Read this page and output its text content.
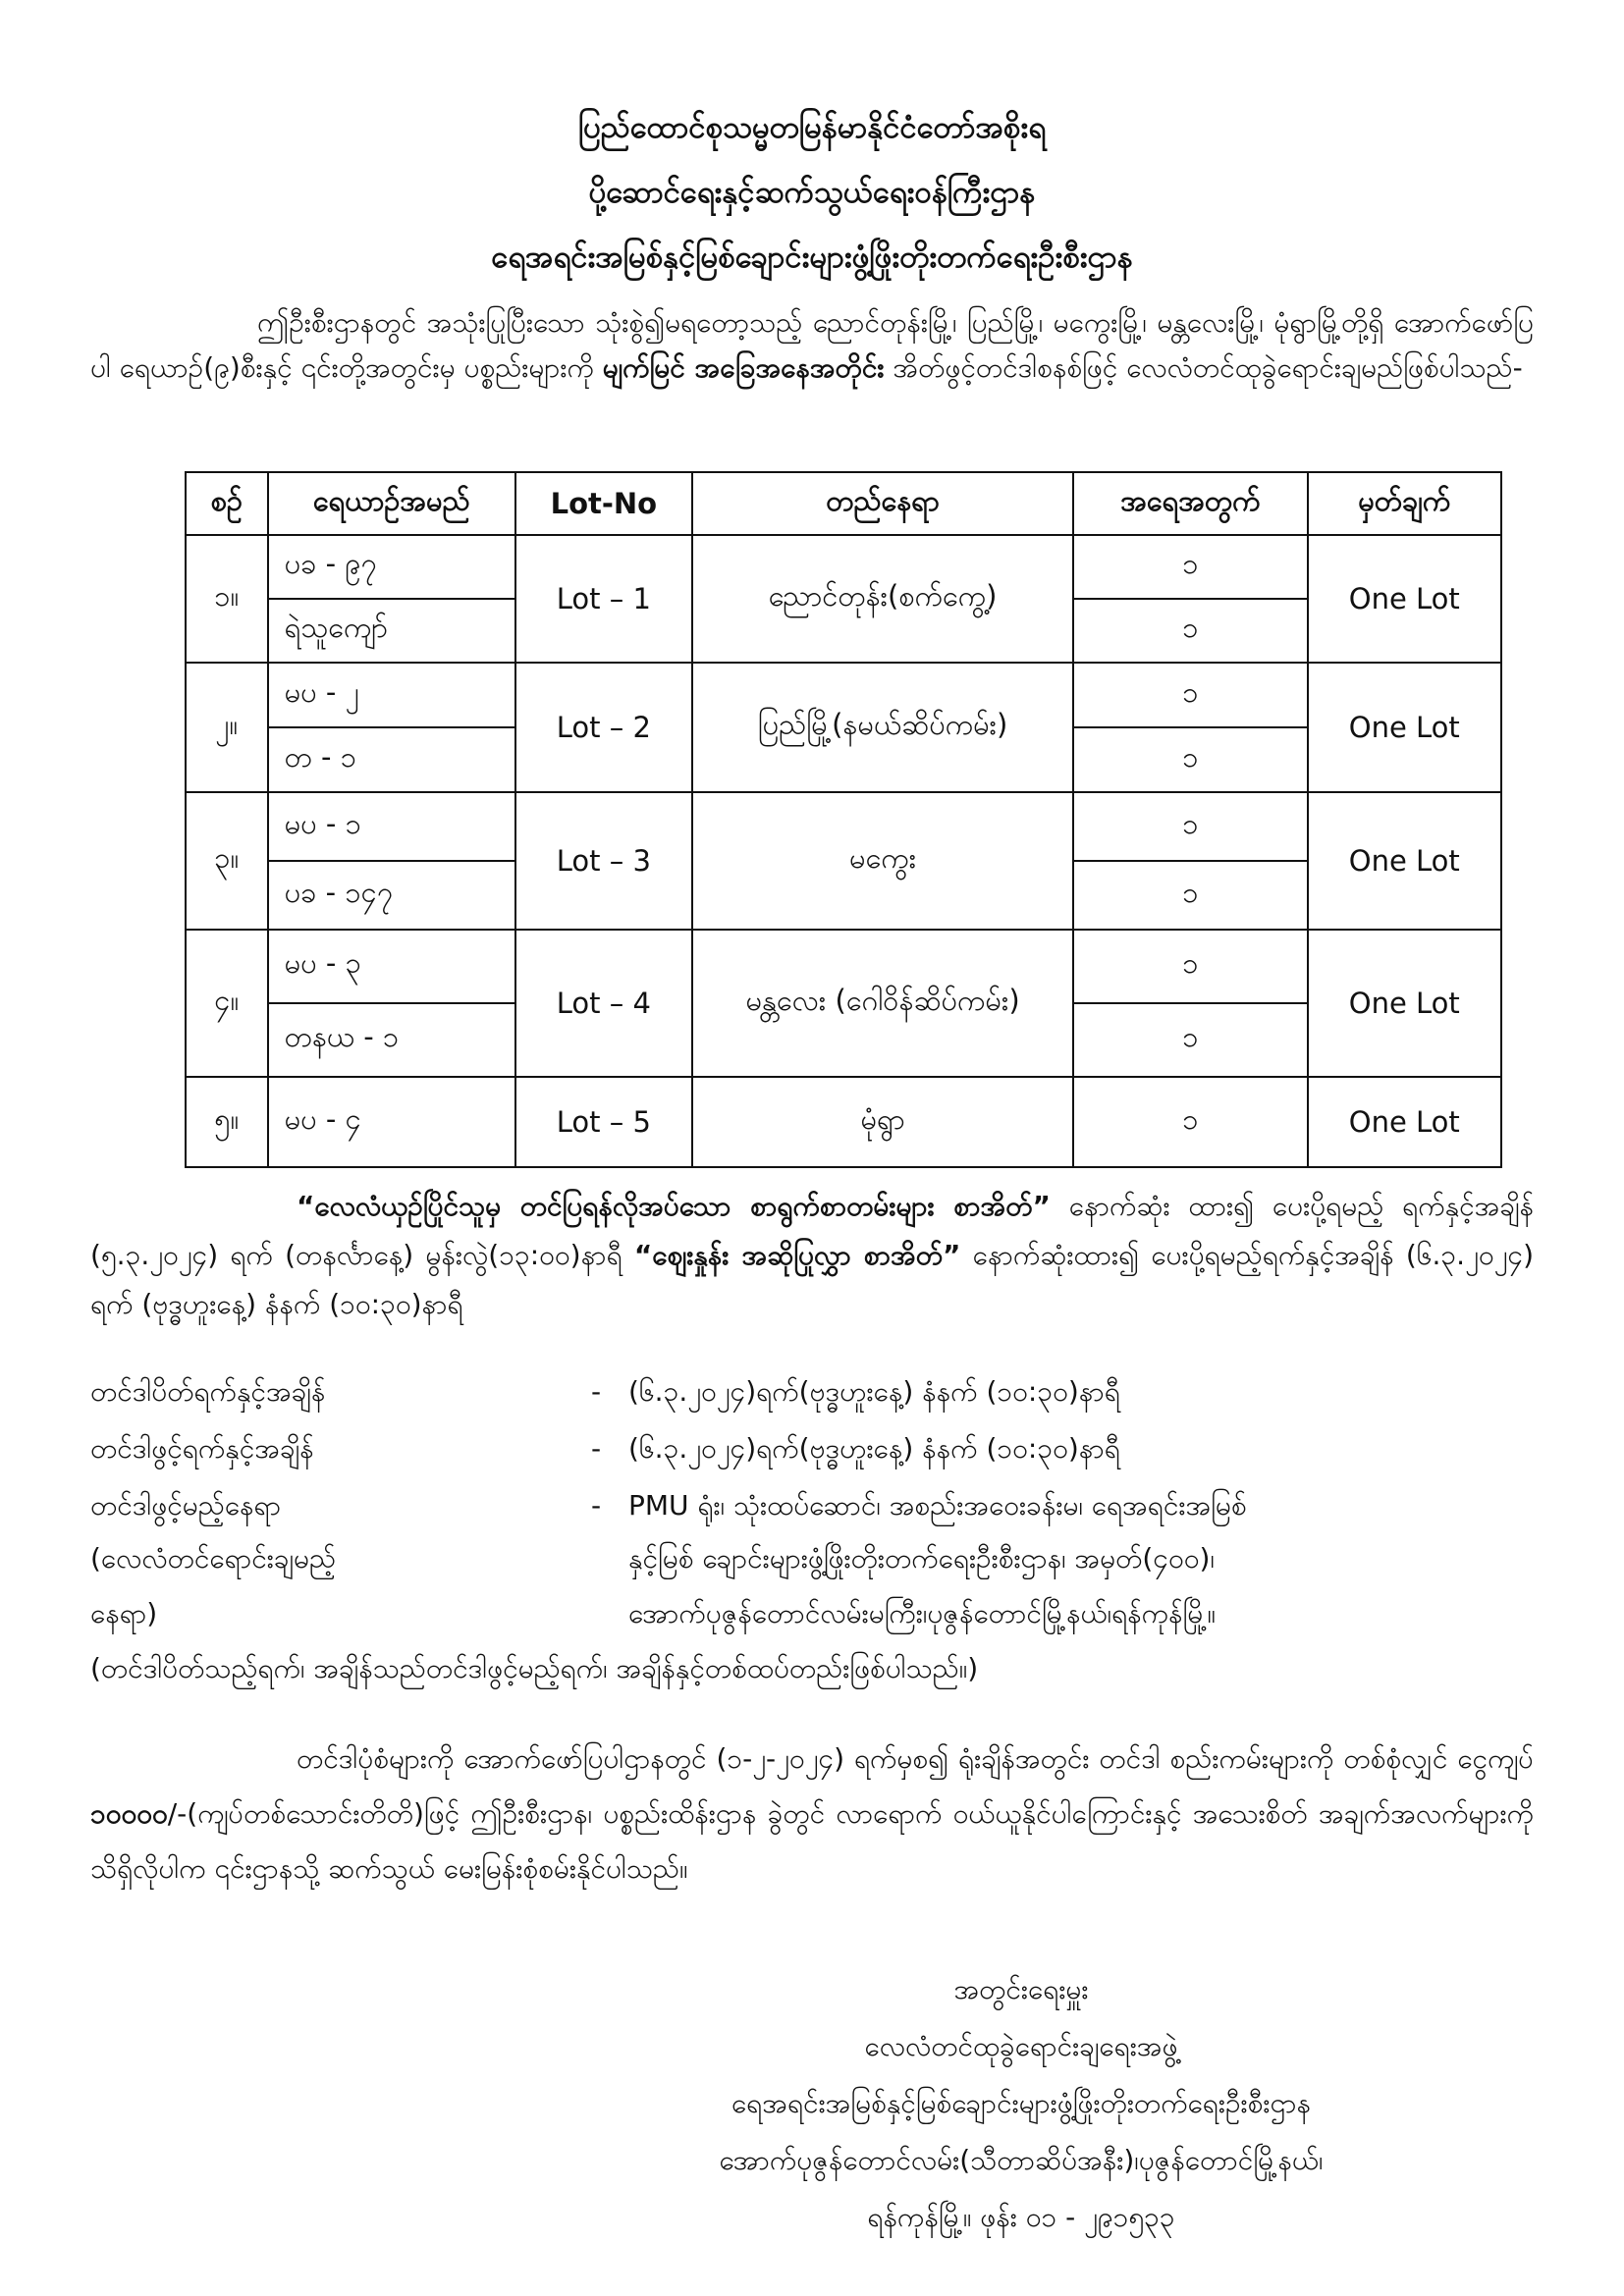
ပြည်ထောင်စုသမ္မတမြန်မာနိုင်ငံတော်အစိုးရ
ပို့ဆောင်ရေးနှင့်ဆက်သွယ်ရေးဝန်ကြီးဌာန
ရေအရင်းအမြစ်နှင့်မြစ်ချောင်းများဖွံ့ဖြိုးတိုးတက်ရေးဦးစီးဌာန
ဤဦးစီးဌာနတွင် အသုံးပြုပြီးသော သုံးစွဲ၍မရတော့သည့် ညောင်တုန်းမြို့၊ ပြည်မြို့၊ မကွေးမြို့၊ မန္တလေးမြို့၊ မုံရွာမြို့တို့ရှိ အောက်ဖော်ပြပါ ရေယာဉ်(၉)စီးနှင့် ၎င်းတို့အတွင်းမှ ပစ္စည်းများကို မျက်မြင် အခြေအနေအတိုင်း အိတ်ဖွင့်တင်ဒါစနစ်ဖြင့် လေလံတင်ထုခွဲရောင်းချမည်ဖြစ်ပါသည်-
စဉ်	ရေယာဉ်အမည်	Lot-No	တည်နေရာ	အရေအတွက်	မှတ်ချက်
၁။	ပခ - ၉၇	Lot – 1	ညောင်တုန်း(စက်ကွေ့)	၁	One Lot
	ရဲသူကျော်			၁	
၂။	မပ - ၂	Lot – 2	ပြည်မြို့(နမယ်ဆိပ်ကမ်း)	၁	One Lot
	တ - ၁			၁	
၃။	မပ - ၁	Lot – 3	မကွေး	၁	One Lot
	ပခ - ၁၄၇			၁	
၄။	မပ - ၃	Lot – 4	မန္တလေး (ဂေါဝိန်ဆိပ်ကမ်း)	၁	One Lot
	တနယ - ၁			၁	
၅။	မပ - ၄	Lot – 5	မုံရွာ	၁	One Lot
“လေလံယှဉ်ပြိုင်သူမှ တင်ပြရန်လိုအပ်သော စာရွက်စာတမ်းများ စာအိတ်” နောက်ဆုံး ထား၍ ပေးပို့ရမည့် ရက်နှင့်အချိန် (၅.၃.၂၀၂၄) ရက် (တနင်္လာနေ့) မွန်းလွဲ(၁၃:၀၀)နာရီ “ဈေးနှုန်း အဆိုပြုလွှာ စာအိတ်” နောက်ဆုံးထား၍ ပေးပို့ရမည့်ရက်နှင့်အချိန် (၆.၃.၂၀၂၄) ရက် (ဗုဒ္ဓဟူးနေ့) နံနက် (၁၀:၃၀)နာရီ
တင်ဒါပိတ်ရက်နှင့်အချိန်	- (၆.၃.၂၀၂၄)ရက်(ဗုဒ္ဓဟူးနေ့) နံနက် (၁၀:၃၀)နာရီ
တင်ဒါဖွင့်ရက်နှင့်အချိန်	- (၆.၃.၂၀၂၄)ရက်(ဗုဒ္ဓဟူးနေ့) နံနက် (၁၀:၃၀)နာရီ
တင်ဒါဖွင့်မည့်နေရာ	- PMU ရုံး၊ သုံးထပ်ဆောင်၊ အစည်းအဝေးခန်းမ၊ ရေအရင်းအမြစ်
(လေလံတင်ရောင်းချမည့်	နှင့်မြစ် ချောင်းများဖွံ့ဖြိုးတိုးတက်ရေးဦးစီးဌာန၊ အမှတ်(၄၀၀)၊
နေရာ)	အောက်ပုဇွန်တောင်လမ်းမကြီး၊ပုဇွန်တောင်မြို့နယ်၊ရန်ကုန်မြို့။
(တင်ဒါပိတ်သည့်ရက်၊ အချိန်သည်တင်ဒါဖွင့်မည့်ရက်၊ အချိန်နှင့်တစ်ထပ်တည်းဖြစ်ပါသည်။)
တင်ဒါပုံစံများကို အောက်ဖော်ပြပါဌာနတွင် (၁-၂-၂၀၂၄) ရက်မှစ၍ ရုံးချိန်အတွင်း တင်ဒါ စည်းကမ်းများကို တစ်စုံလျှင် ငွေကျပ် ၁၀၀၀၀/-(ကျပ်တစ်သောင်းတိတိ)ဖြင့် ဤဦးစီးဌာန၊ ပစ္စည်းထိန်းဌာန ခွဲတွင် လာရောက် ဝယ်ယူနိုင်ပါကြောင်းနှင့် အသေးစိတ် အချက်အလက်များကို သိရှိလိုပါက ၎င်းဌာနသို့ ဆက်သွယ် မေးမြန်းစုံစမ်းနိုင်ပါသည်။
အတွင်းရေးမှူး
လေလံတင်ထုခွဲရောင်းချရေးအဖွဲ့
ရေအရင်းအမြစ်နှင့်မြစ်ချောင်းများဖွံ့ဖြိုးတိုးတက်ရေးဦးစီးဌာန
အောက်ပုဇွန်တောင်လမ်း(သီတာဆိပ်အနီး)၊ပုဇွန်တောင်မြို့နယ်၊
ရန်ကုန်မြို့။ ဖုန်း ၀၁ - ၂၉၁၅၃၃
